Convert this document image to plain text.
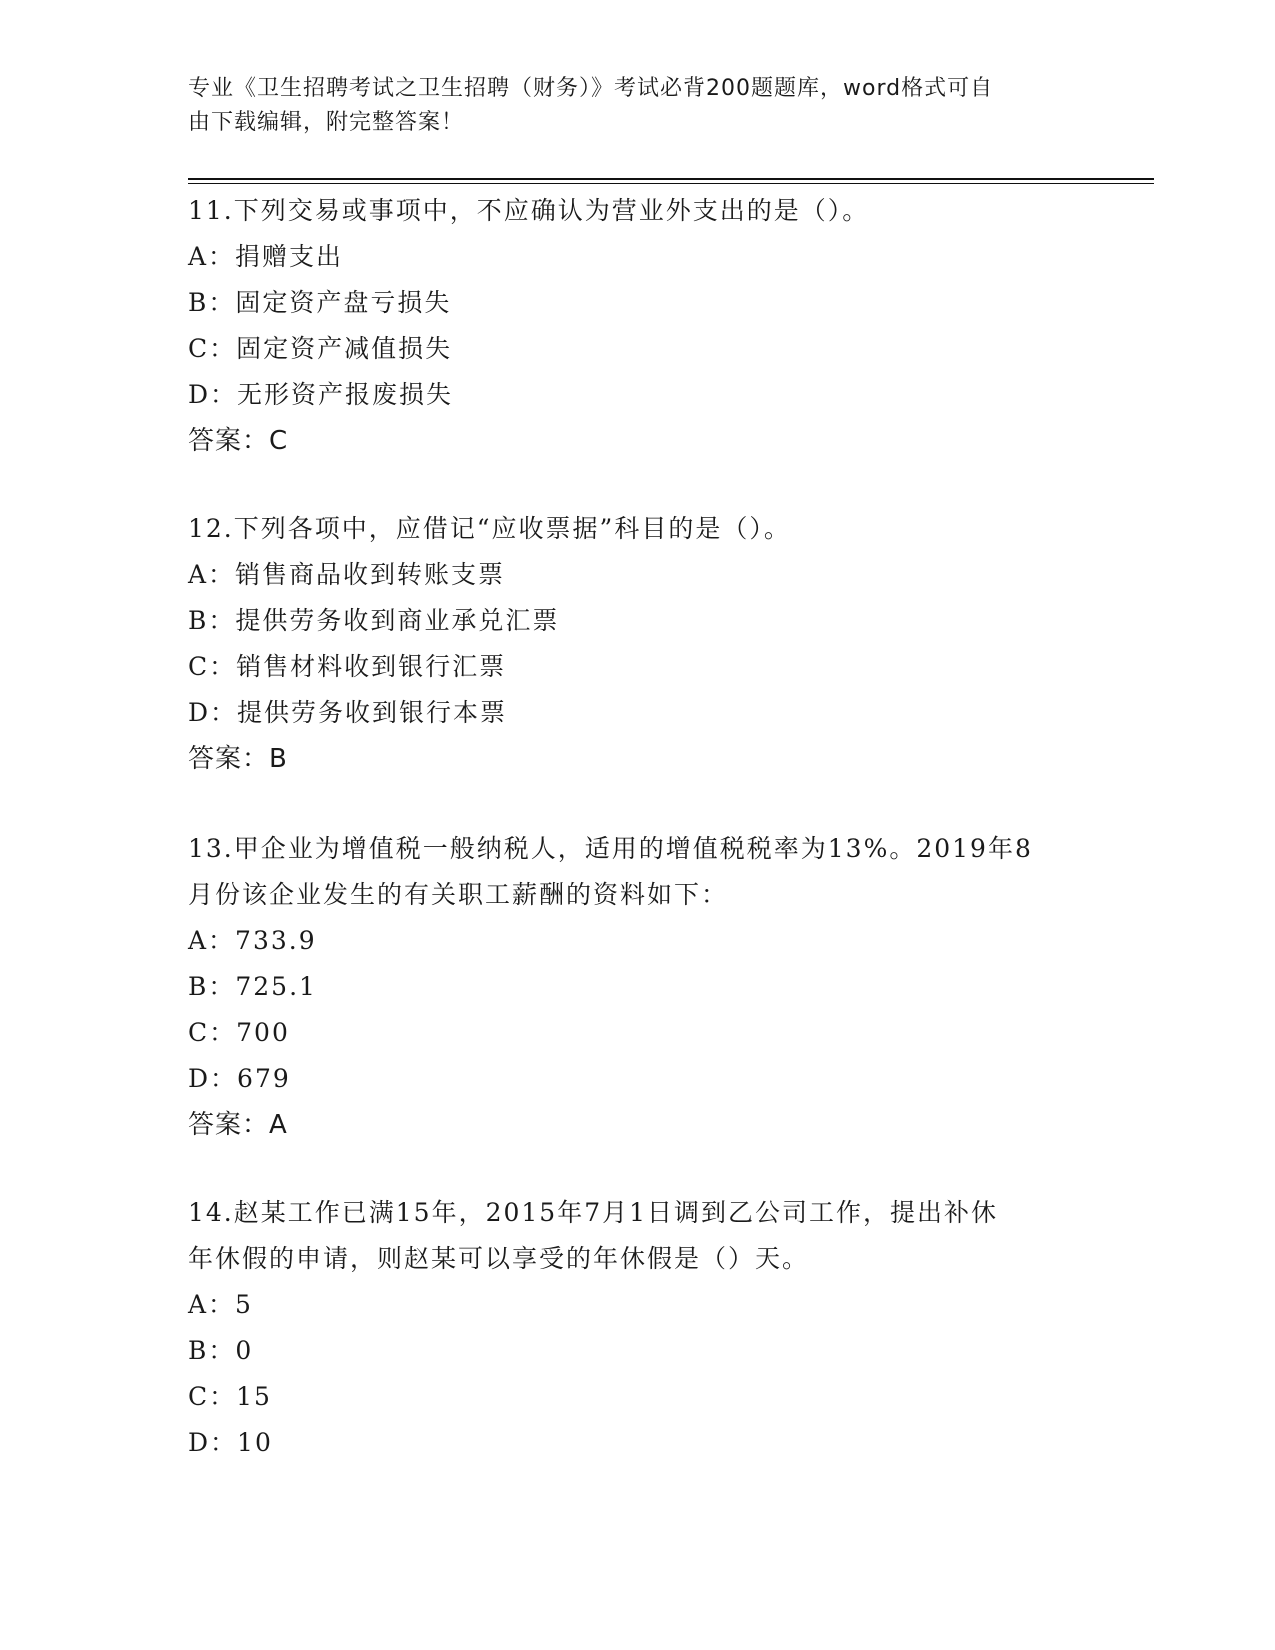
专业《卫生招聘考试之卫生招聘（财务）》考试必背200题题库，word格式可自
由下载编辑，附完整答案！

11.下列交易或事项中，不应确认为营业外支出的是（）。

A：捐赠支出

B：固定资产盘亏损失

C：固定资产减值损失

D：无形资产报废损失

答案：C

12.下列各项中，应借记“应收票据”科目的是（）。

A：销售商品收到转账支票

B：提供劳务收到商业承兑汇票

C：销售材料收到银行汇票

D：提供劳务收到银行本票

答案：B

13.甲企业为增值税一般纳税人，适用的增值税税率为13%。2019年8

月份该企业发生的有关职工薪酬的资料如下：

A：733.9

B：725.1

C：700

D：679

答案：A

14.赵某工作已满15年，2015年7月1日调到乙公司工作，提出补休

年休假的申请，则赵某可以享受的年休假是（）天。

A：5

B：0

C：15

D：10
